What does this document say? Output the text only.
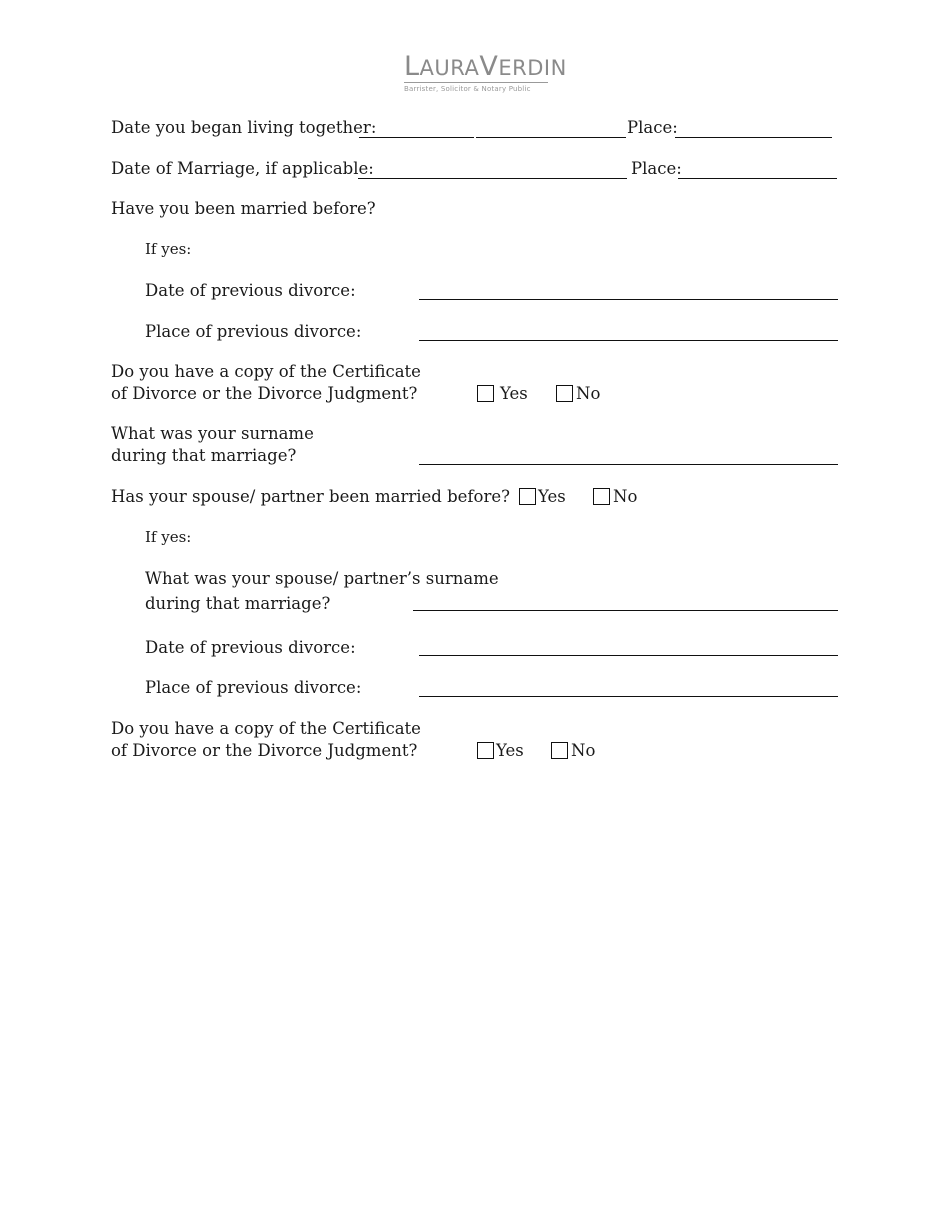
LAURAVERDIN
Barrister, Solicitor & Notary Public
Date you began living together:	Place:
Date of Marriage, if applicable:	Place:
Have you been married before?
If yes:
Date of previous divorce:
Place of previous divorce:
Do you have a copy of the Certificate
of Divorce or the Divorce Judgment?	Yes	No
What was your surname
during that marriage?
Has your spouse/ partner been married before? Yes	No
If yes:
What was your spouse/ partner’s surname
during that marriage?
Date of previous divorce:
Place of previous divorce:
Do you have a copy of the Certificate
of Divorce or the Divorce Judgment?	Yes	No
